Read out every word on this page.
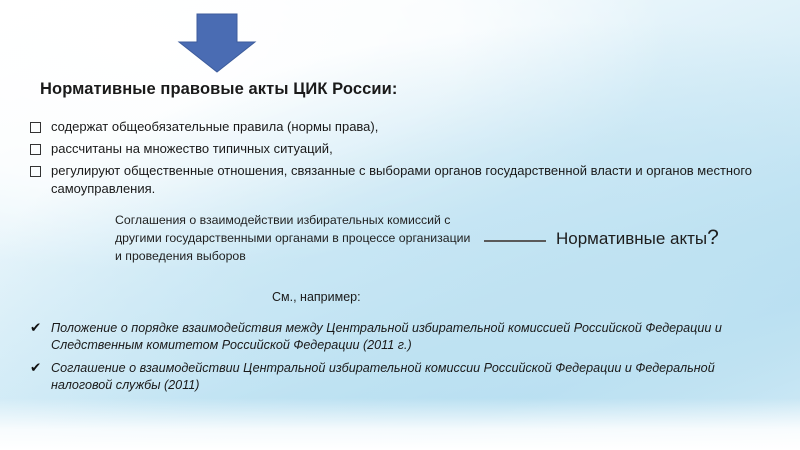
Нормативные правовые акты ЦИК России:
содержат общеобязательные правила (нормы права),
рассчитаны на множество типичных ситуаций,
регулируют общественные отношения, связанные с выборами органов государственной власти и органов местного самоуправления.
Соглашения о взаимодействии избирательных комиссий с другими государственными органами в процессе организации и проведения выборов
Нормативные акты?
См., например:
✔ Положение о порядке взаимодействия между Центральной избирательной комиссией Российской Федерации и Следственным комитетом Российской Федерации (2011 г.)
✔ Соглашение о взаимодействии Центральной избирательной комиссии Российской Федерации и Федеральной налоговой службы (2011)
